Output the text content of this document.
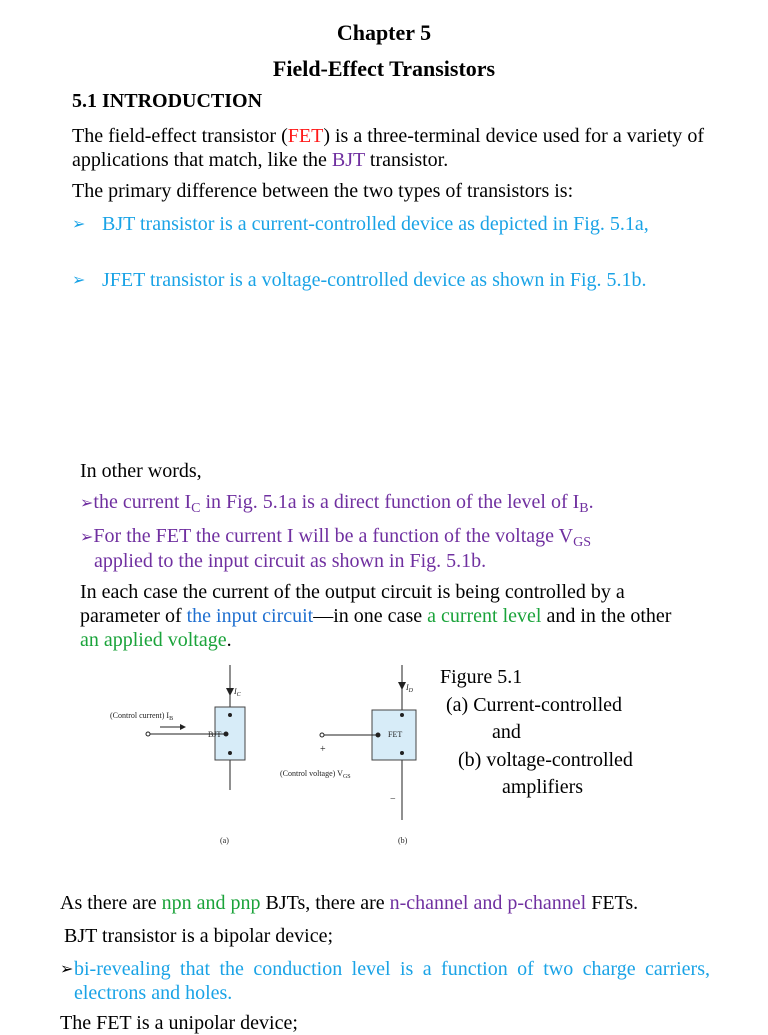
Chapter 5
Field-Effect Transistors
5.1 INTRODUCTION
The field-effect transistor (FET) is a three-terminal device used for a variety of applications that match, like the BJT transistor.
The primary difference between the two types of transistors is:
➢ BJT transistor is a current-controlled device as depicted in Fig. 5.1a,
➢ JFET transistor is a voltage-controlled device as shown in Fig. 5.1b.
In other words,
➢the current $I_C$ in Fig. 5.1a is a direct function of the level of $I_B$.
➢For the FET the current I will be a function of the voltage $V_{GS}$
applied to the input circuit as shown in Fig. 5.1b.
In each case the current of the output circuit is being controlled by a parameter of the input circuit—in one case a current level and in the other an applied voltage.
(Control current) $I_B$
BJT
$I_C$
(a)
FET
$I_D$
+
(Control voltage) $V_{GS}$
−
(b)
Figure 5.1
(a) Current-controlled
and
(b) voltage-controlled
amplifiers
As there are npn and pnp BJTs, there are n-channel and p-channel FETs.
BJT transistor is a bipolar device;
➢ bi-revealing that the conduction level is a function of two charge carriers, electrons and holes.
The FET is a unipolar device;
